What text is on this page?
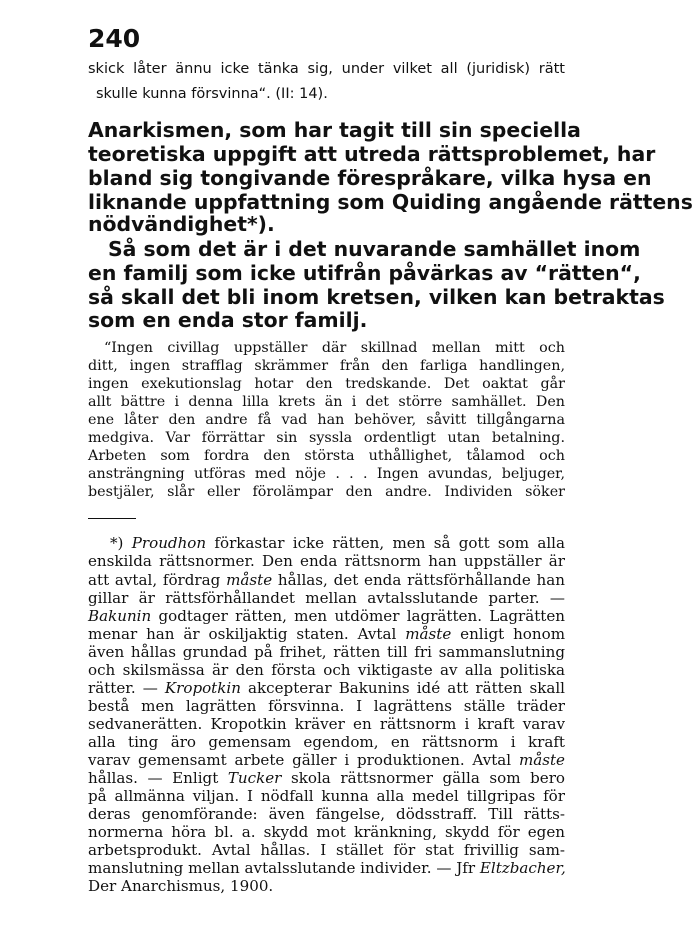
240
skick låter ännu icke tänka sig, under vilket all (juridisk) rätt
skulle kunna försvinna“. (II: 14).
Anarkismen, som har tagit till sin speciella
teoretiska uppgift att utreda rättsproblemet, har
bland sig tongivande förespråkare, vilka hysa en
liknande uppfattning som Quiding angående rättens
nödvändighet*).
Så som det är i det nuvarande samhället inom
en familj som icke utifrån påvärkas av “rätten“,
så skall det bli inom kretsen, vilken kan betraktas
som en enda stor familj.
“Ingen civillag uppställer där skillnad mellan mitt och
ditt, ingen strafflag skrämmer från den farliga handlingen,
ingen exekutionslag hotar den tredskande. Det oaktat går
allt bättre i denna lilla krets än i det större samhället. Den
ene låter den andre få vad han behöver, såvitt tillgångarna
medgiva. Var förrättar sin syssla ordentligt utan betalning.
Arbeten som fordra den största uthållighet, tålamod och
ansträngning utföras med nöje . . . Ingen avundas, beljuger,
bestjäler, slår eller förolämpar den andre. Individen söker
*) Proudhon förkastar icke rätten, men så gott som alla
enskilda rättsnormer. Den enda rättsnorm han uppställer är
att avtal, fördrag måste hållas, det enda rättsförhållande han
gillar är rättsförhållandet mellan avtalsslutande parter. —
Bakunin godtager rätten, men utdömer lagrätten. Lagrätten
menar han är oskiljaktig staten. Avtal måste enligt honom
även hållas grundad på frihet, rätten till fri sammanslutning
och skilsmässa är den första och viktigaste av alla politiska
rätter. — Kropotkin akcepterar Bakunins idé att rätten skall
bestå men lagrätten försvinna. I lagrättens ställe träder
sedvanerätten. Kropotkin kräver en rättsnorm i kraft varav
alla ting äro gemensam egendom, en rättsnorm i kraft
varav gemensamt arbete gäller i produktionen. Avtal måste
hållas. — Enligt Tucker skola rättsnormer gälla som bero
på allmänna viljan. I nödfall kunna alla medel tillgripas för
deras genomförande: även fängelse, dödsstraff. Till rätts-
normerna höra bl. a. skydd mot kränkning, skydd för egen
arbetsprodukt. Avtal hållas. I stället för stat frivillig sam-
manslutning mellan avtalsslutande individer. — Jfr Eltzbacher,
Der Anarchismus, 1900.
